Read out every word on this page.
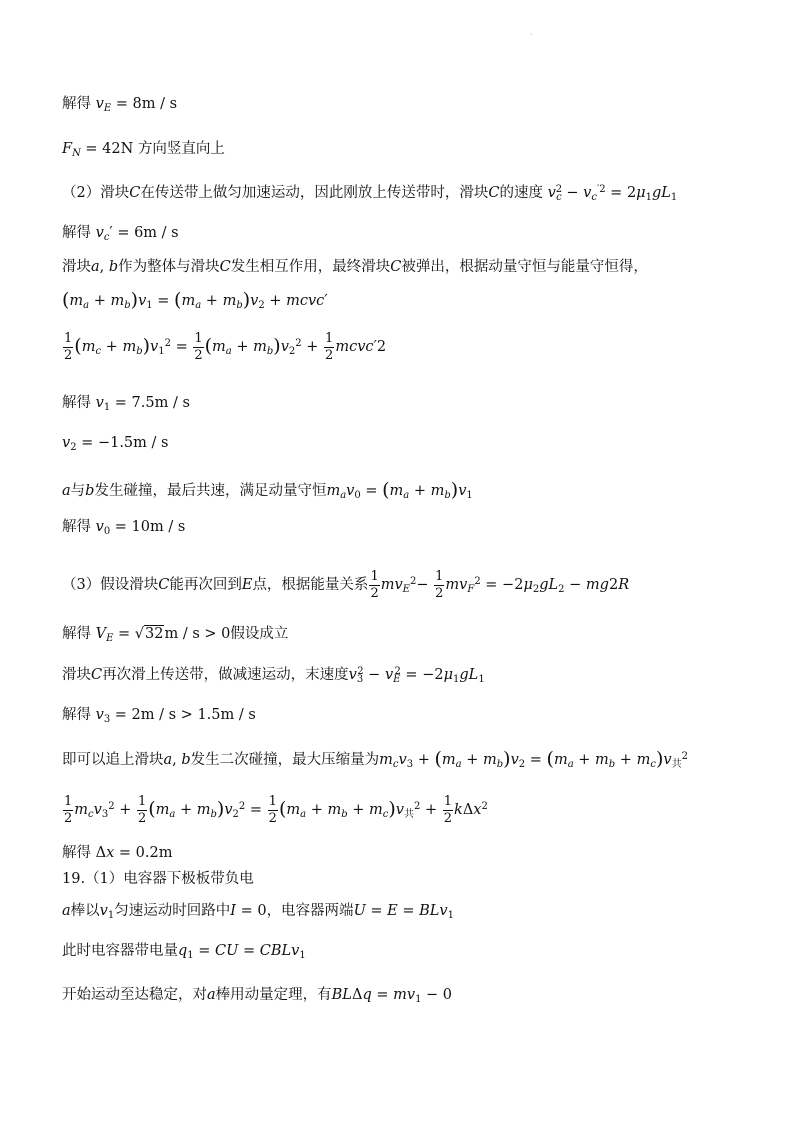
·
解得 $v_E = 8m / s$
$F_N = 42N$ 方向竖直向上
（2）滑块C在传送带上做匀加速运动，因此刚放上传送带时，滑块C的速度 $v^2_c - v_c^{'2} = 2\mu_1gL_1$
解得 $v_c' = 6m / s$
滑块a, b作为整体与滑块C发生相互作用，最终滑块C被弹出，根据动量守恒与能量守恒得，
$(m_a + m_b)v_1 = (m_a + m_b)v_2$ + mcvc′
$\frac{1}{2} (m_c + m_b)v_1^2 = \frac{1}{2} (m_a + m_b)v_2^2 + \frac{1}{2}$ mcvc′2
解得 $v_1 = 7.5m / s$
$v_2 = -1.5m / s$
a与b发生碰撞，最后共速，满足动量守恒$m_av_0 = (m_a + m_b)v_1$
解得 $v_0 = 10m / s$
（3）假设滑块C能再次回到E点，根据能量关系 $\frac{1}{2} mv_E^2- \frac{1}{2} mv_F^2 = -2\mu_2gL_2 - mg2R$
解得 $V_E = √32m / s > 0$假设成立
滑块C再次滑上传送带，做减速运动，末速度$v_3^2 - v_E^2 = -2\mu_1gL_1$
解得 $v_3 = 2m / s > 1.5m / s$
即可以追上滑块a, b发生二次碰撞，最大压缩量为$m_cv_3 + (m_a + m_b)v_2 = (m_a + m_b + m_c)v_共^2$
$\frac{1}{2} m_cv_3^2 + \frac{1}{2} (m_a + m_b)v_2^2 = \frac{1}{2} (m_a + m_b + m_c)v_共^2 + \frac{1}{2} k\Delta x^2$
解得 Δx = 0.2m
19.（1）电容器下极板带负电
a棒以$v_1$匀速运动时回路中I = 0，电容器两端U = E = BLv$_1$
此时电容器带电量$q_1$ = CU = CBLv$_1$
开始运动至达稳定，对a棒用动量定理，有$BL\Delta q = mv_1 - 0$
